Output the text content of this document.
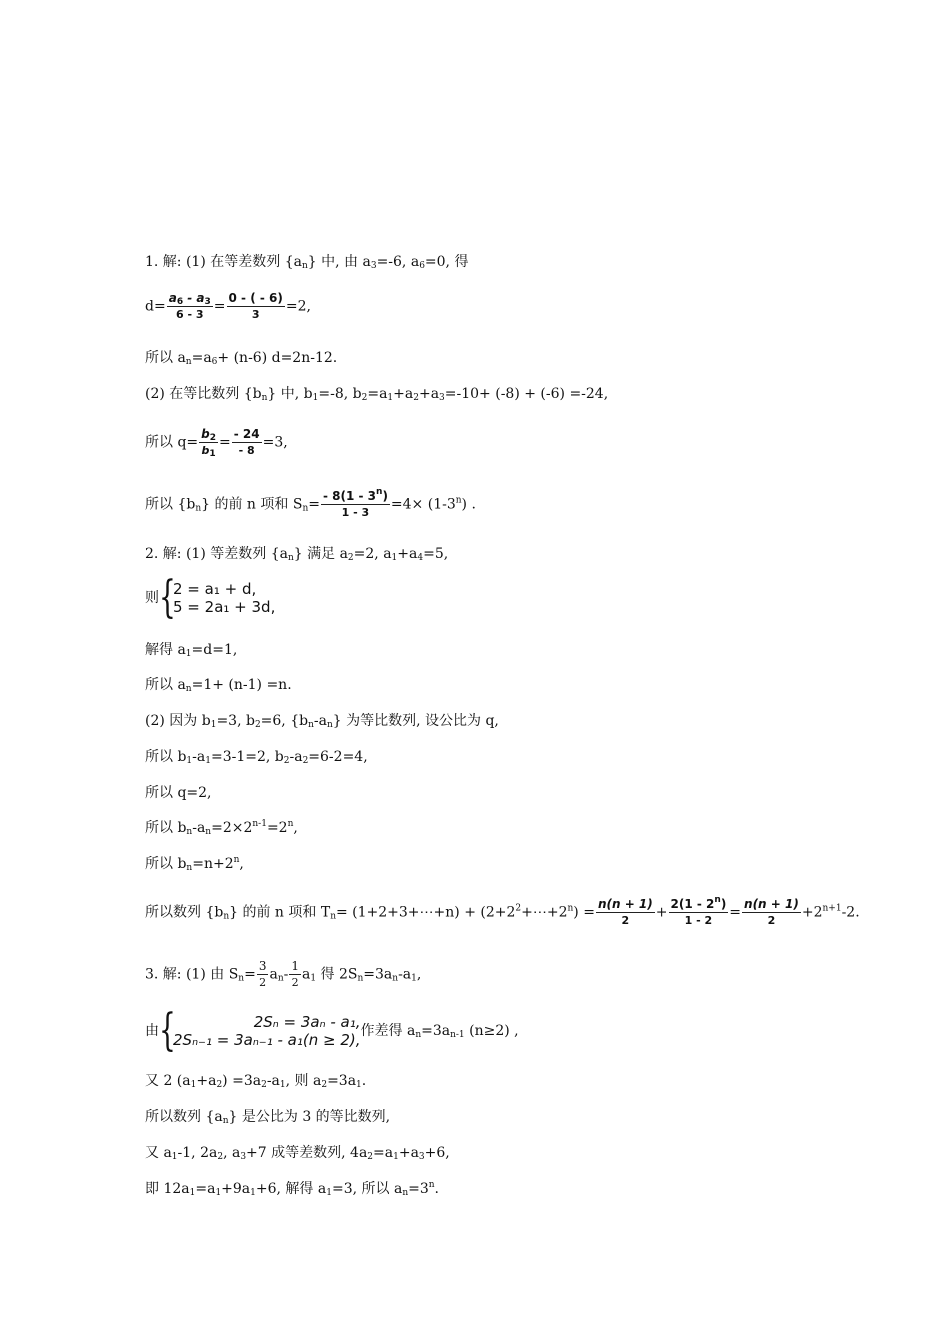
1. 解: (1) 在等差数列 $\{a_n\}$ 中, 由 $a_3=-6$, $a_6=0$, 得
$d= \frac{a_6 - a_3}{6 - 3} = \frac{0 - ( - 6)}{3} =2$,
所以 $a_n=a_6+ (n-6)$ d=2n-12.
(2) 在等比数列 $\{b_n\}$ 中, $b_1=-8$, $b_2=a_1+a_2+a_3=-10+ (-8) + (-6) =-24$,
所以 $q= \frac{b_2}{b_1} = \frac{- 24}{- 8} =3$,
所以 $\{b_n\}$ 的前 n 项和 $S_n= \frac{- 8(1 - 3^n)}{1 - 3} =4\times (1-3^n)$ .
2. 解: (1) 等差数列 $\{a_n\}$ 满足 $a_2=2$, $a_1+a_4=5$,
则 {
2 = a₁ + d,
5 = 2a₁ + 3d,
解得 $a_1=d=1$,
所以 $a_n=1+ (n-1) =n$.
(2) 因为 $b_1=3$, $b_2=6$, $\{b_n-a_n\}$ 为等比数列, 设公比为 q,
所以 $b_1-a_1=3-1=2$, $b_2-a_2=6-2=4$,
所以 q=2,
所以 $b_n-a_n=2\times 2^{n-1}=2^n$,
所以 $b_n=n+2^n$,
所以数列 $\{b_n\}$ 的前 n 项和 $T_n=$ (1+2+3+⋯+n) + $(2+2^2+\cdots+2^n) = \frac{n(n + 1)}{2} + \frac{2(1 - 2^n)}{1 - 2} = \frac{n(n + 1)}{2} +2^{n+1}-2$.
3. 解: (1) 由 $S_n= \frac{3}{2} a_n- \frac{1}{2} a_1$ 得 $2S_n=3a_n-a_1$,
由 {	2Sₙ = 3aₙ - a₁,
2Sₙ₋₁ = 3aₙ₋₁ - a₁(n ≥ 2), 作差得 $a_n=3a_{n-1}$ (n≥2) ,
又 2 $(a_1+a_2) =3a_2-a_1$, 则 $a_2=3a_1$.
所以数列 $\{a_n\}$ 是公比为 3 的等比数列,
又 $a_1-1$, $2a_2$, $a_3+7$ 成等差数列, $4a_2=a_1+a_3+6$,
即 $12a_1=a_1+9a_1+6$, 解得 $a_1=3$, 所以 $a_n=3^n$.
